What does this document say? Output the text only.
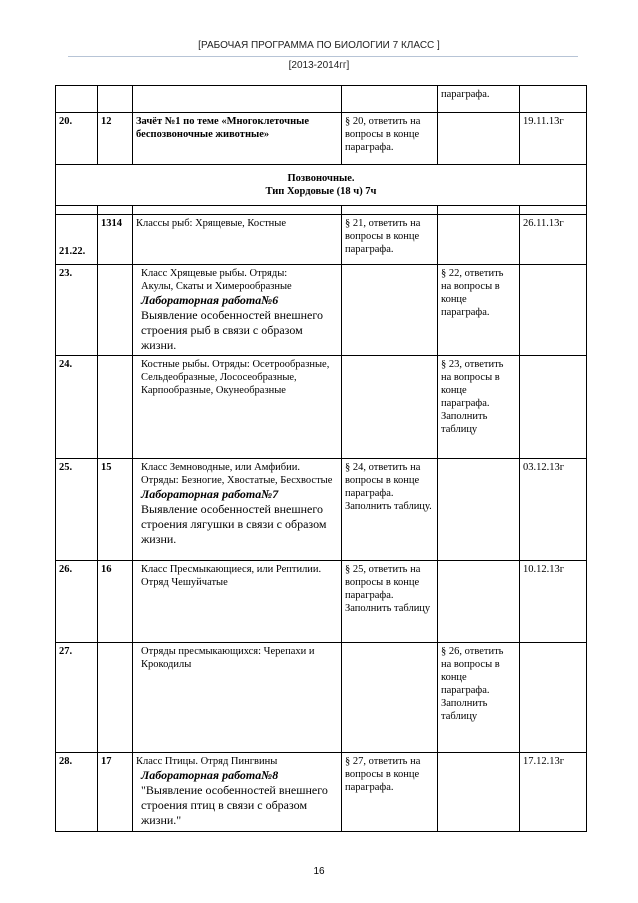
[РАБОЧАЯ ПРОГРАММА ПО БИОЛОГИИ 7 КЛАСС ]
[2013-2014гг]
				параграфа.	
20.	12	Зачёт №1 по теме «Многоклеточные беспозвоночные животные»	§ 20, ответить на вопросы в конце параграфа.		19.11.13г

Позвоночные.
Тип Хордовые (18 ч) 7ч					

21.22.	1314	Классы рыб: Хрящевые, Костные	§ 21, ответить на вопросы в конце параграфа.		26.11.13г
23.		Класс Хрящевые рыбы. Отряды:
Акулы, Скаты и Химерообразные
Лабораторная работа№6
Выявление особенностей внешнего строения рыб в связи с образом жизни.		§ 22, ответить на вопросы в конце параграфа.	
24.		Костные рыбы. Отряды: Осетрообразные, Сельдеобразные, Лососеобразные, Карпообразные, Окунеобразные		§ 23, ответить на вопросы в конце параграфа. Заполнить таблицу	
25.	15	Класс Земноводные, или Амфибии. Отряды: Безногие, Хвостатые, Бесхвостые
Лабораторная работа№7
Выявление особенностей внешнего строения лягушки в связи с образом жизни.	§ 24, ответить на вопросы в конце параграфа. Заполнить таблицу.		03.12.13г
26.	16	Класс Пресмыкающиеся, или Рептилии. Отряд Чешуйчатые	§ 25, ответить на вопросы в конце параграфа. Заполнить таблицу		10.12.13г
27.		Отряды пресмыкающихся: Черепахи и Крокодилы		§ 26, ответить на вопросы в конце параграфа. Заполнить таблицу	
28.	17	Класс Птицы. Отряд Пингвины
Лабораторная работа№8
"Выявление особенностей внешнего строения птиц в связи с образом жизни."	§ 27, ответить на вопросы в конце параграфа.		17.12.13г
16
